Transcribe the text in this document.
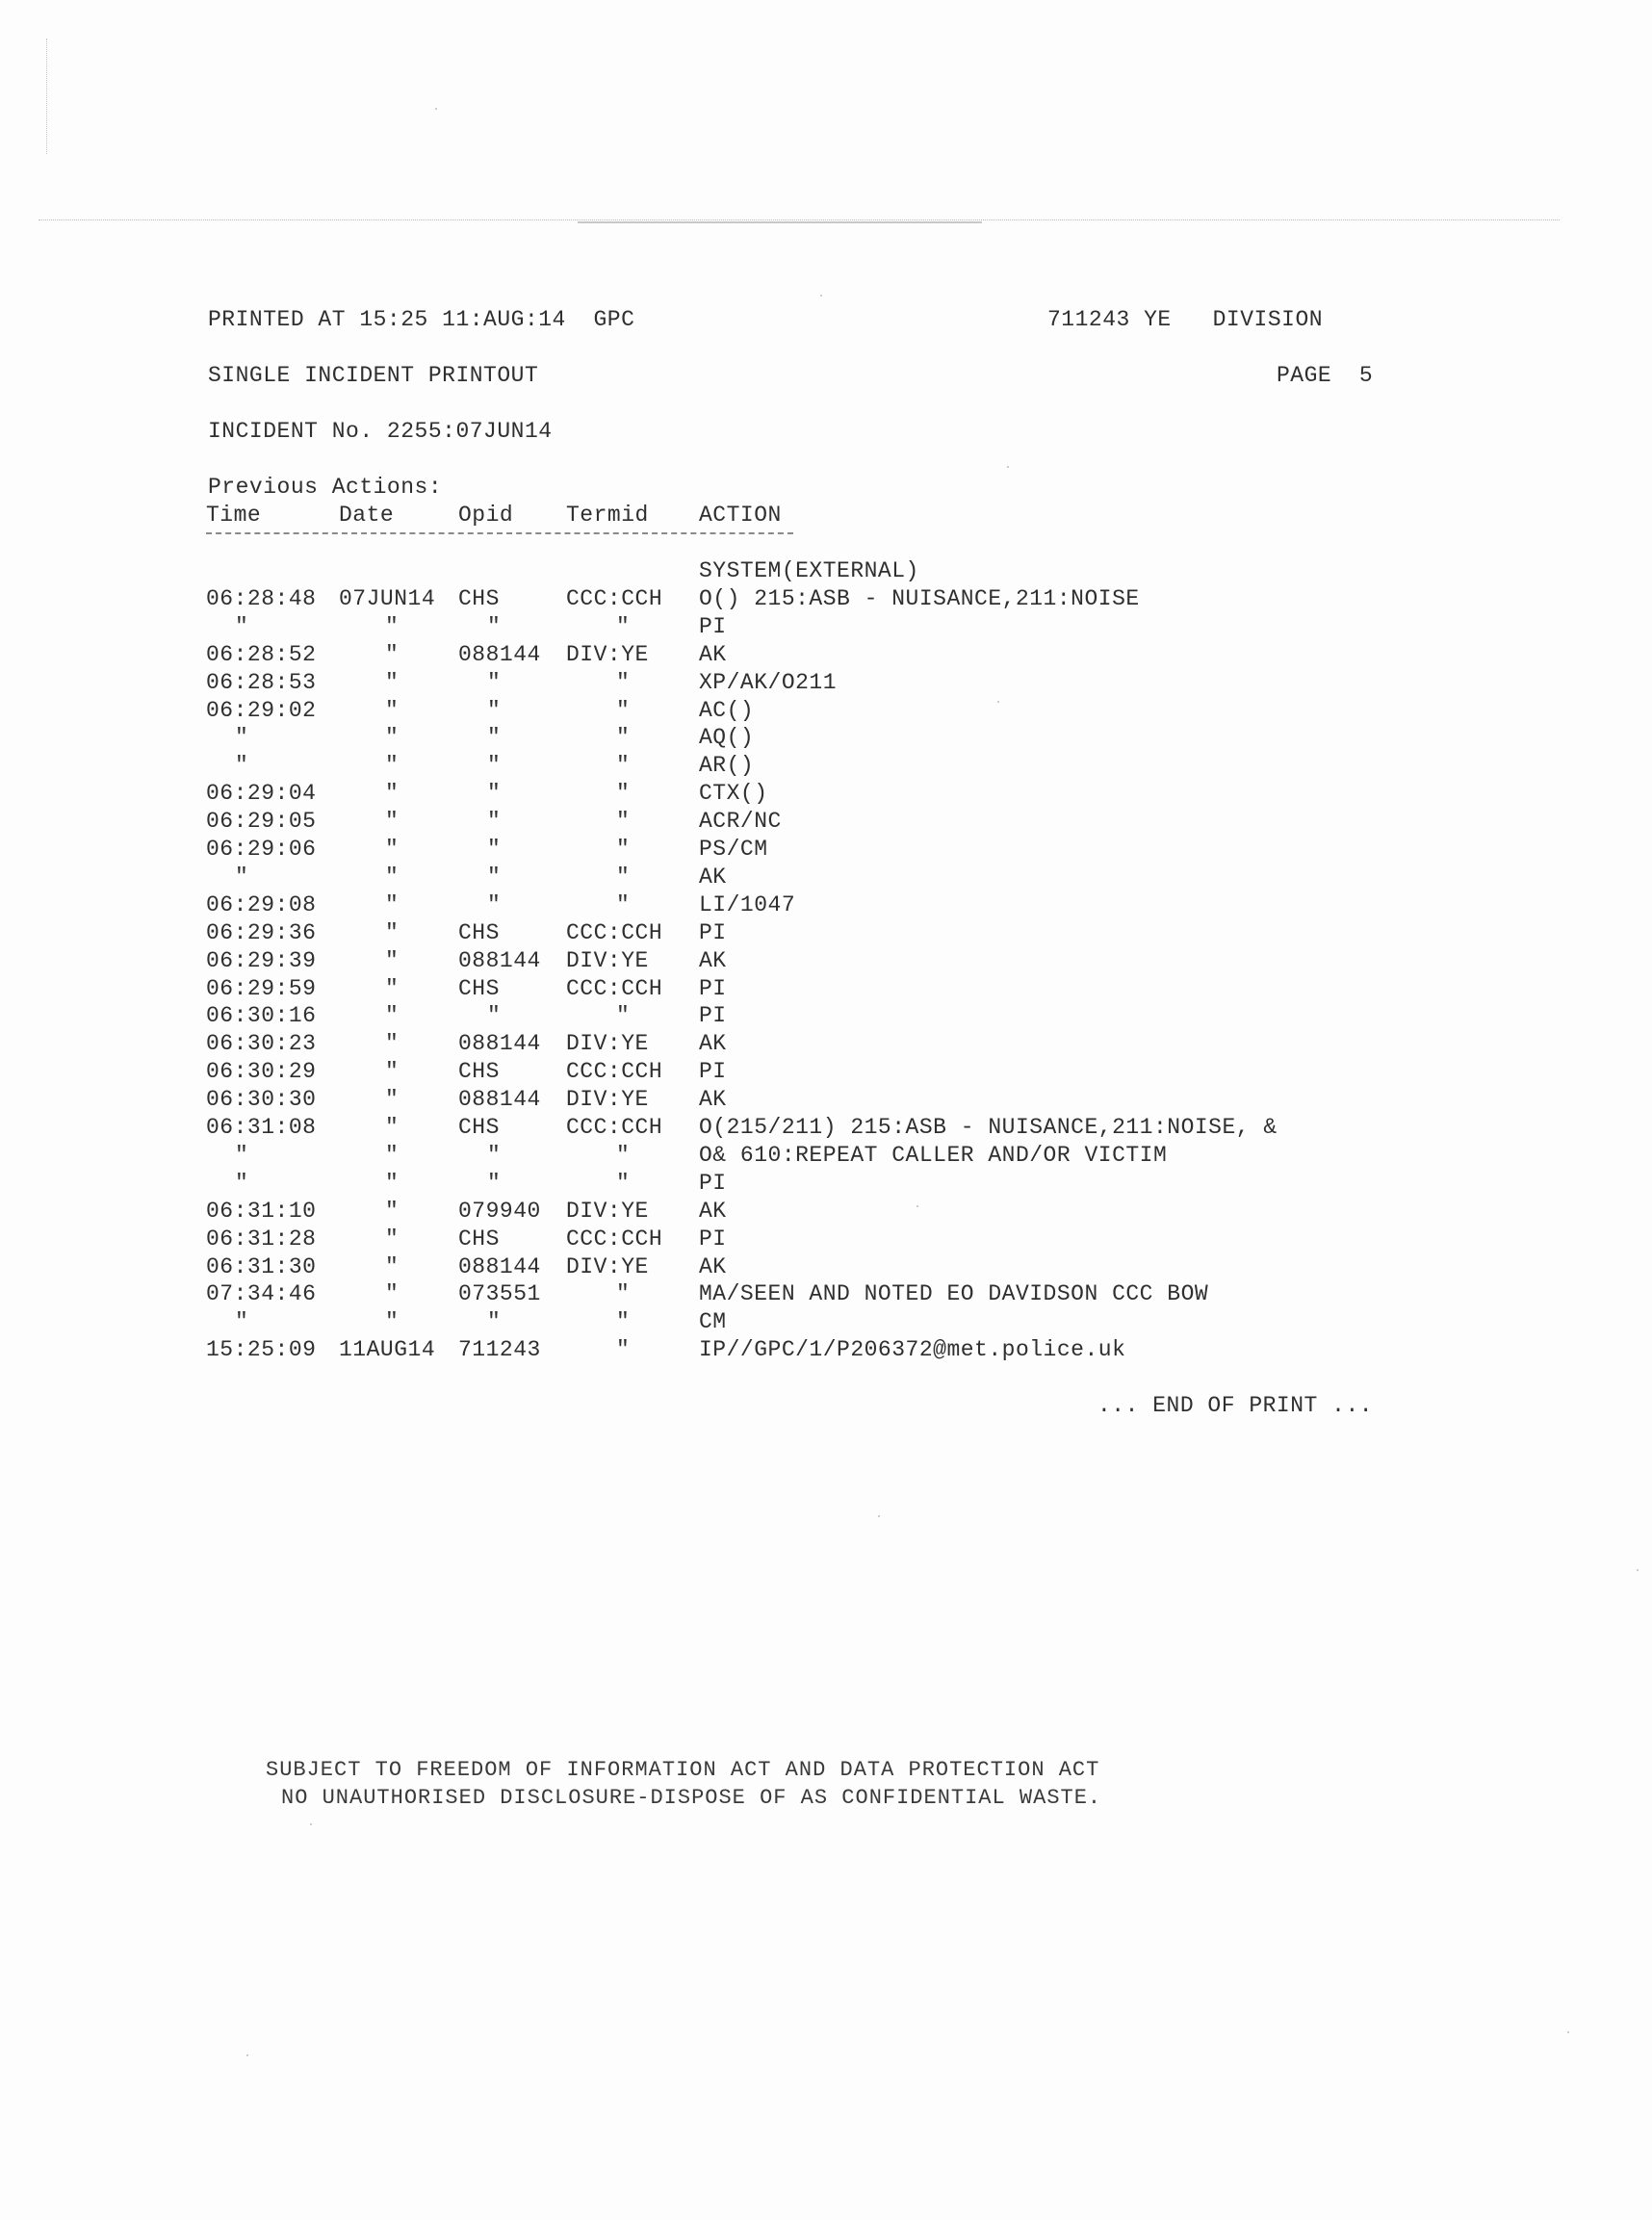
PRINTED AT 15:25 11:AUG:14  GPC	711243 YE   DIVISION
SINGLE INCIDENT PRINTOUT	PAGE  5
INCIDENT No. 2255:07JUN14
Previous Actions:
Time	Date	Opid Termid ACTION
SYSTEM(EXTERNAL)
06:28:48 07JUN14 CHS	CCC:CCH O() 215:ASB - NUISANCE,211:NOISE
"	"	"	"	PI
06:28:52	"	088144 DIV:YE AK
06:28:53	"	"	"	XP/AK/O211
06:29:02	"	"	"	AC()
"	"	"	"	AQ()
"	"	"	"	AR()
06:29:04	"	"	"	CTX()
06:29:05	"	"	"	ACR/NC
06:29:06	"	"	"	PS/CM
"	"	"	"	AK
06:29:08	"	"	"	LI/1047
06:29:36	"	CHS	CCC:CCH PI
06:29:39	"	088144 DIV:YE AK
06:29:59	"	CHS	CCC:CCH PI
06:30:16	"	"	"	PI
06:30:23	"	088144 DIV:YE AK
06:30:29	"	CHS	CCC:CCH PI
06:30:30	"	088144 DIV:YE AK
06:31:08	"	CHS	CCC:CCH O(215/211) 215:ASB - NUISANCE,211:NOISE, &
"	"	"	"	O& 610:REPEAT CALLER AND/OR VICTIM
"	"	"	"	PI
06:31:10	"	079940 DIV:YE AK
06:31:28	"	CHS	CCC:CCH PI
06:31:30	"	088144 DIV:YE AK
07:34:46	"	073551	"	MA/SEEN AND NOTED EO DAVIDSON CCC BOW
"	"	"	"	CM
15:25:09 11AUG14 711243	"	IP//GPC/1/P206372@met.police.uk
... END OF PRINT ...
SUBJECT TO FREEDOM OF INFORMATION ACT AND DATA PROTECTION ACT
NO UNAUTHORISED DISCLOSURE-DISPOSE OF AS CONFIDENTIAL WASTE.
